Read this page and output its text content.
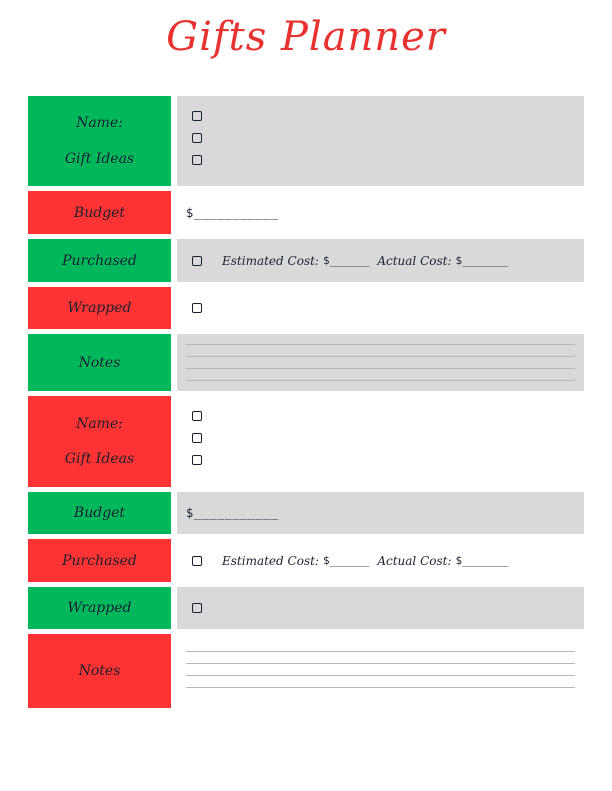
Gifts Planner
Name:
Gift Ideas
Budget	$___________
Purchased	Estimated Cost: $______ Actual Cost: $_______
Wrapped
Notes
Name:
Gift Ideas
Budget	$___________
Purchased	Estimated Cost: $______ Actual Cost: $_______
Wrapped
Notes
